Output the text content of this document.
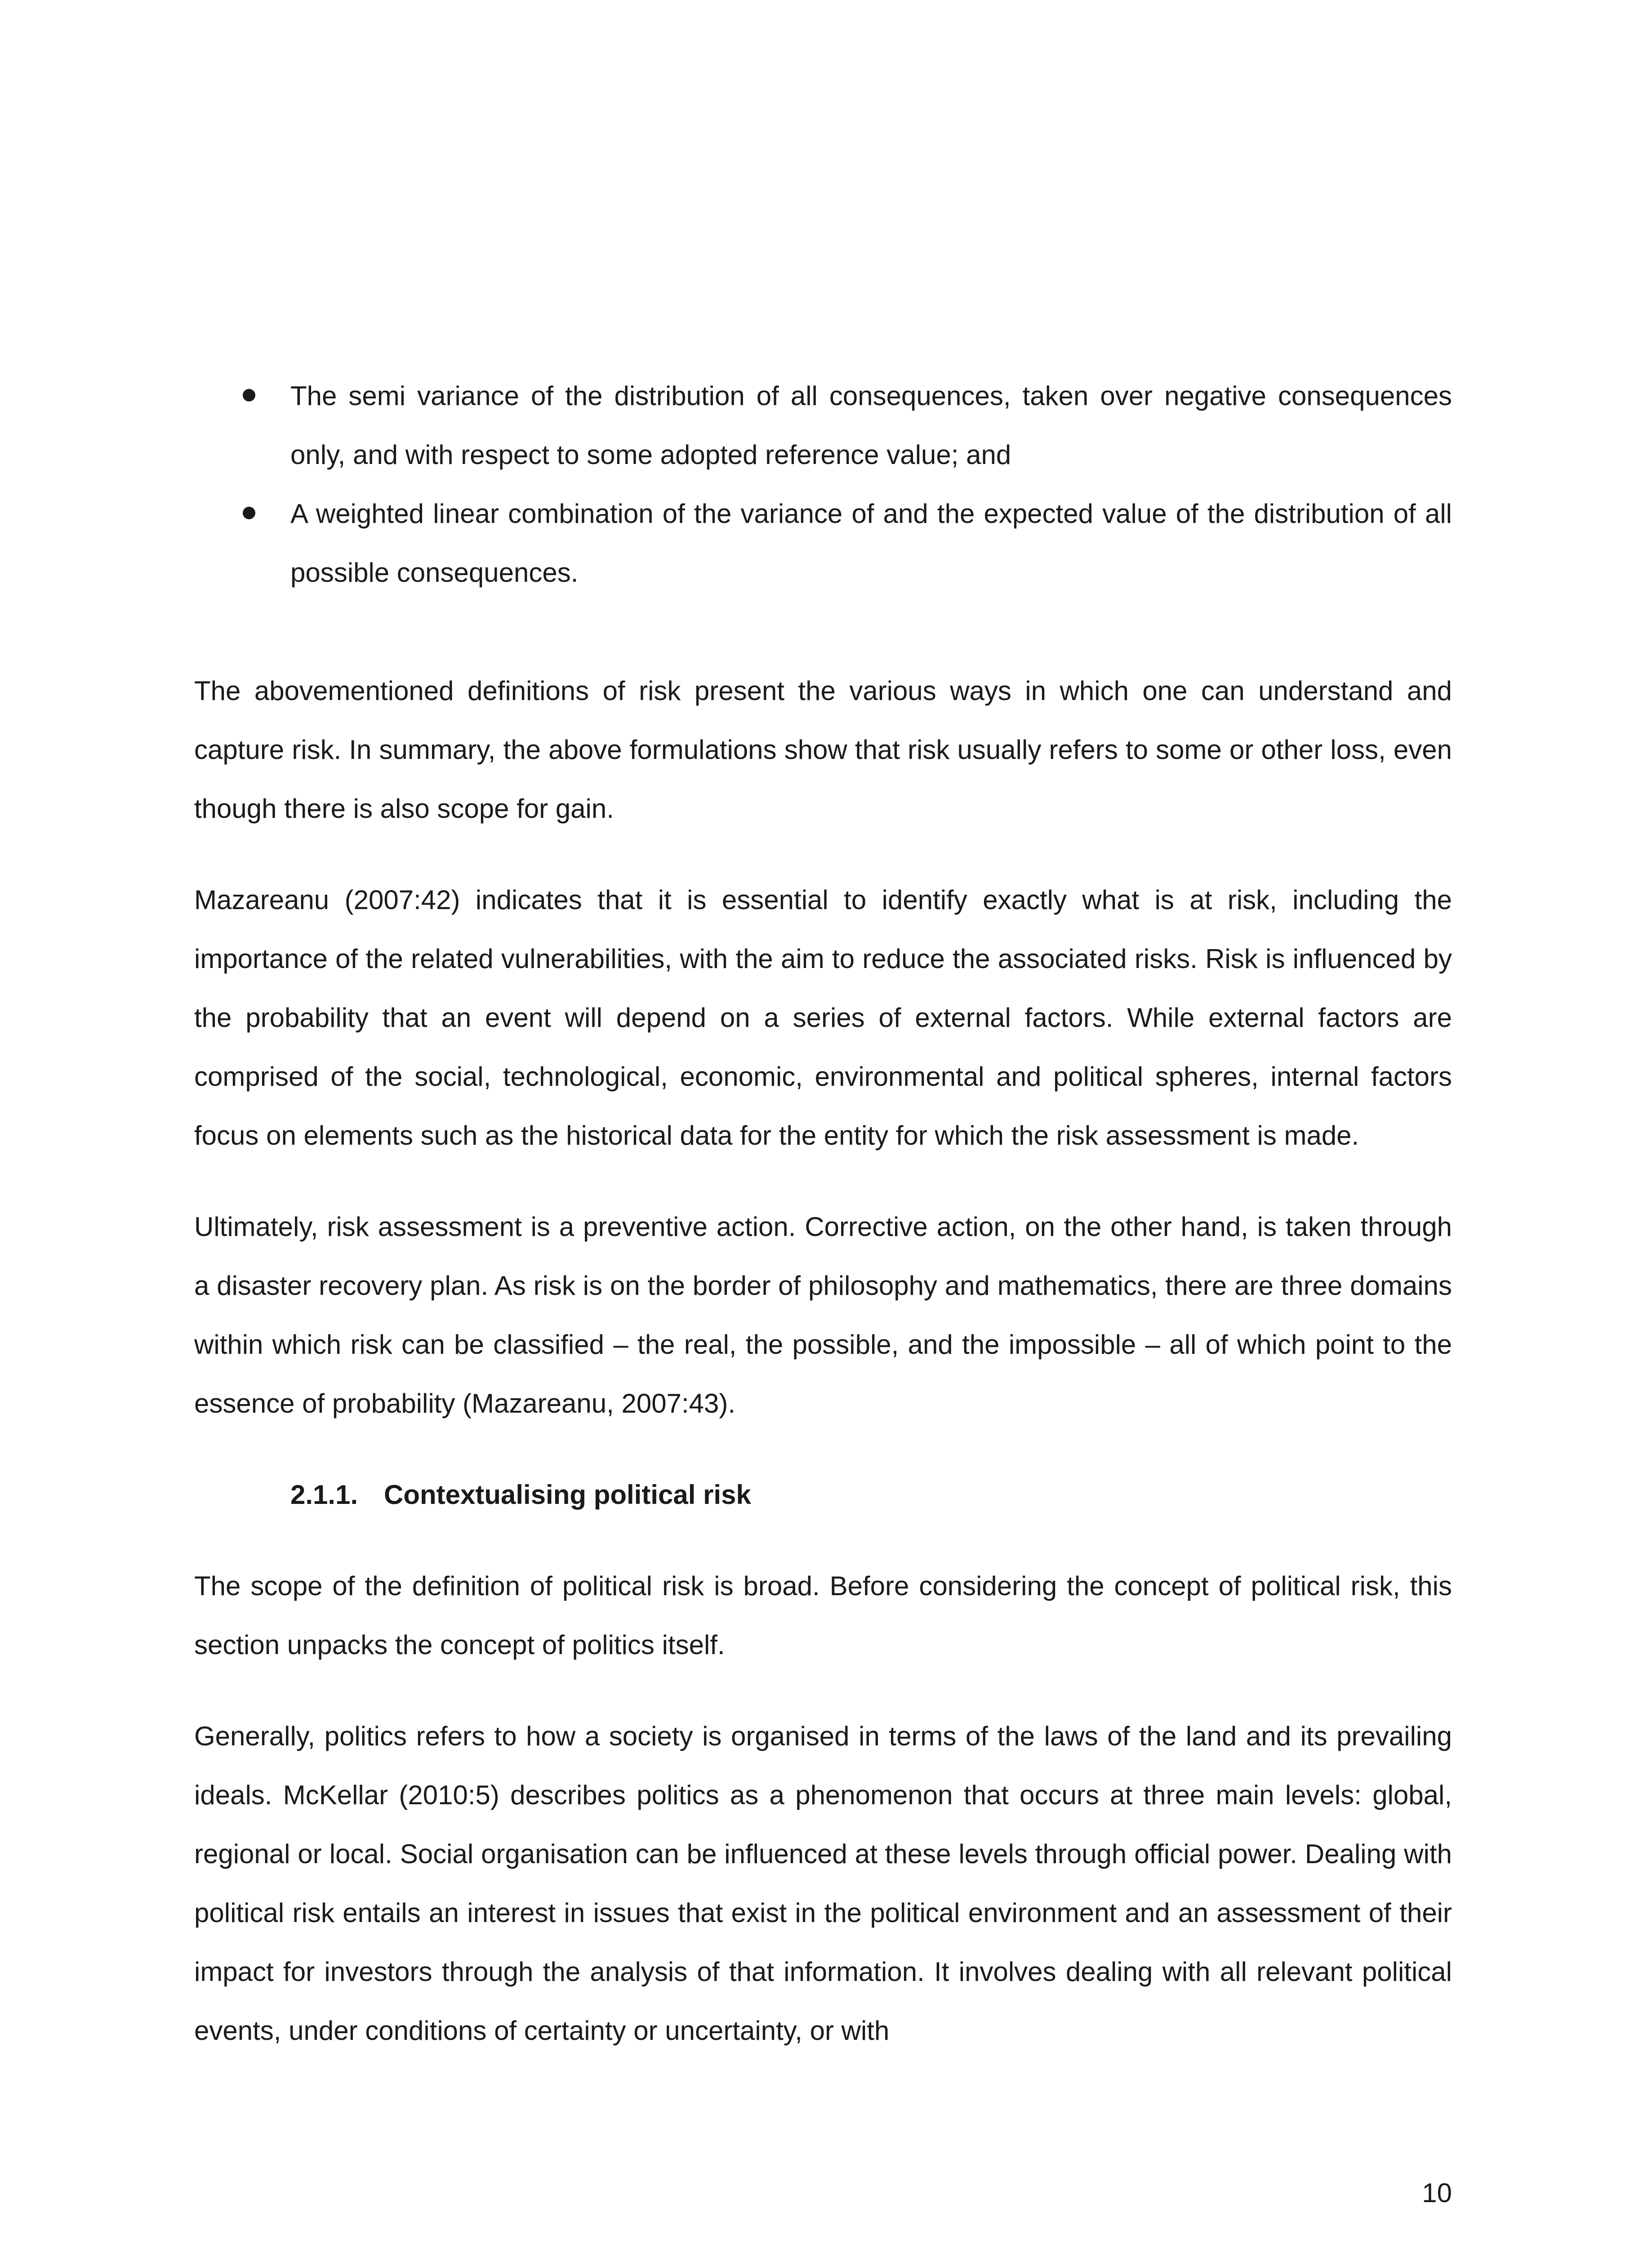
The semi variance of the distribution of all consequences, taken over negative consequences only, and with respect to some adopted reference value; and
A weighted linear combination of the variance of and the expected value of the distribution of all possible consequences.

The abovementioned definitions of risk present the various ways in which one can understand and capture risk. In summary, the above formulations show that risk usually refers to some or other loss, even though there is also scope for gain.

Mazareanu (2007:42) indicates that it is essential to identify exactly what is at risk, including the importance of the related vulnerabilities, with the aim to reduce the associated risks. Risk is influenced by the probability that an event will depend on a series of external factors. While external factors are comprised of the social, technological, economic, environmental and political spheres, internal factors focus on elements such as the historical data for the entity for which the risk assessment is made.

Ultimately, risk assessment is a preventive action. Corrective action, on the other hand, is taken through a disaster recovery plan. As risk is on the border of philosophy and mathematics, there are three domains within which risk can be classified – the real, the possible, and the impossible – all of which point to the essence of probability (Mazareanu, 2007:43).

2.1.1. Contextualising political risk

The scope of the definition of political risk is broad. Before considering the concept of political risk, this section unpacks the concept of politics itself.

Generally, politics refers to how a society is organised in terms of the laws of the land and its prevailing ideals. McKellar (2010:5) describes politics as a phenomenon that occurs at three main levels: global, regional or local. Social organisation can be influenced at these levels through official power. Dealing with political risk entails an interest in issues that exist in the political environment and an assessment of their impact for investors through the analysis of that information. It involves dealing with all relevant political events, under conditions of certainty or uncertainty, or with

10
